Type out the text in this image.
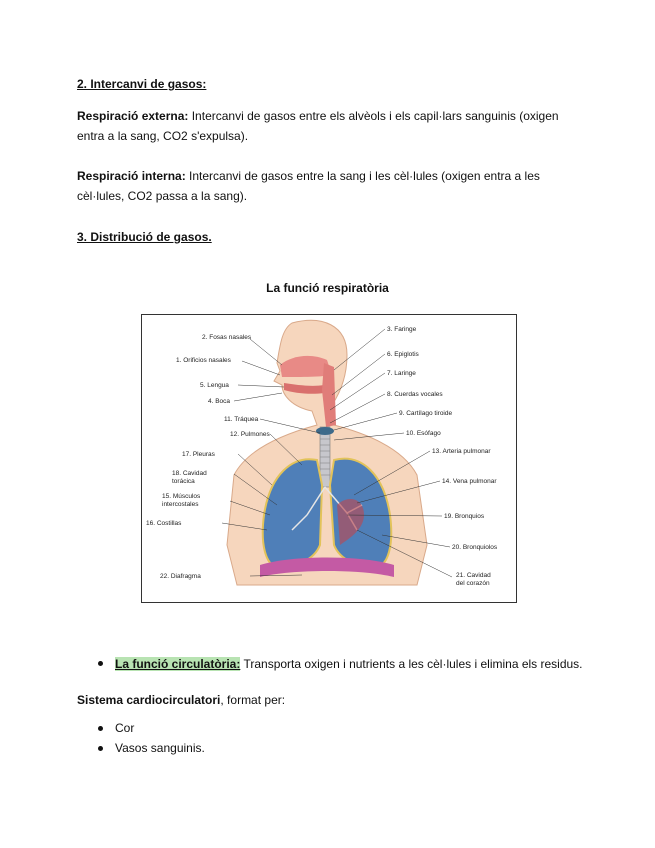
2. Intercanvi de gasos:
Respiració externa: Intercanvi de gasos entre els alvèols i els capil·lars sanguinis (oxigen
entra a la sang, CO2 s'expulsa).
Respiració interna: Intercanvi de gasos entre la sang i les cèl·lules (oxigen entra a les
cèl·lules, CO2 passa a la sang).
3. Distribució de gasos.
La funció respiratòria
2. Fosas nasales
1. Orificios nasales
5. Lengua
4. Boca
11. Tráquea
12. Pulmones
17. Pleuras
18. Cavidad
torácica
15. Músculos
intercostales
16. Costillas
22. Diafragma
3. Faringe
6. Epiglotis
7. Laringe
8. Cuerdas vocales
9. Cartílago tiroide
10. Esófago
13. Arteria pulmonar
14. Vena pulmonar
19. Bronquios
20. Bronquiolos
21. Cavidad
del corazón
La funció circulatòria: Transporta oxigen i nutrients a les cèl·lules i elimina els residus.
Sistema cardiocirculatori, format per:
Cor
Vasos sanguinis.
